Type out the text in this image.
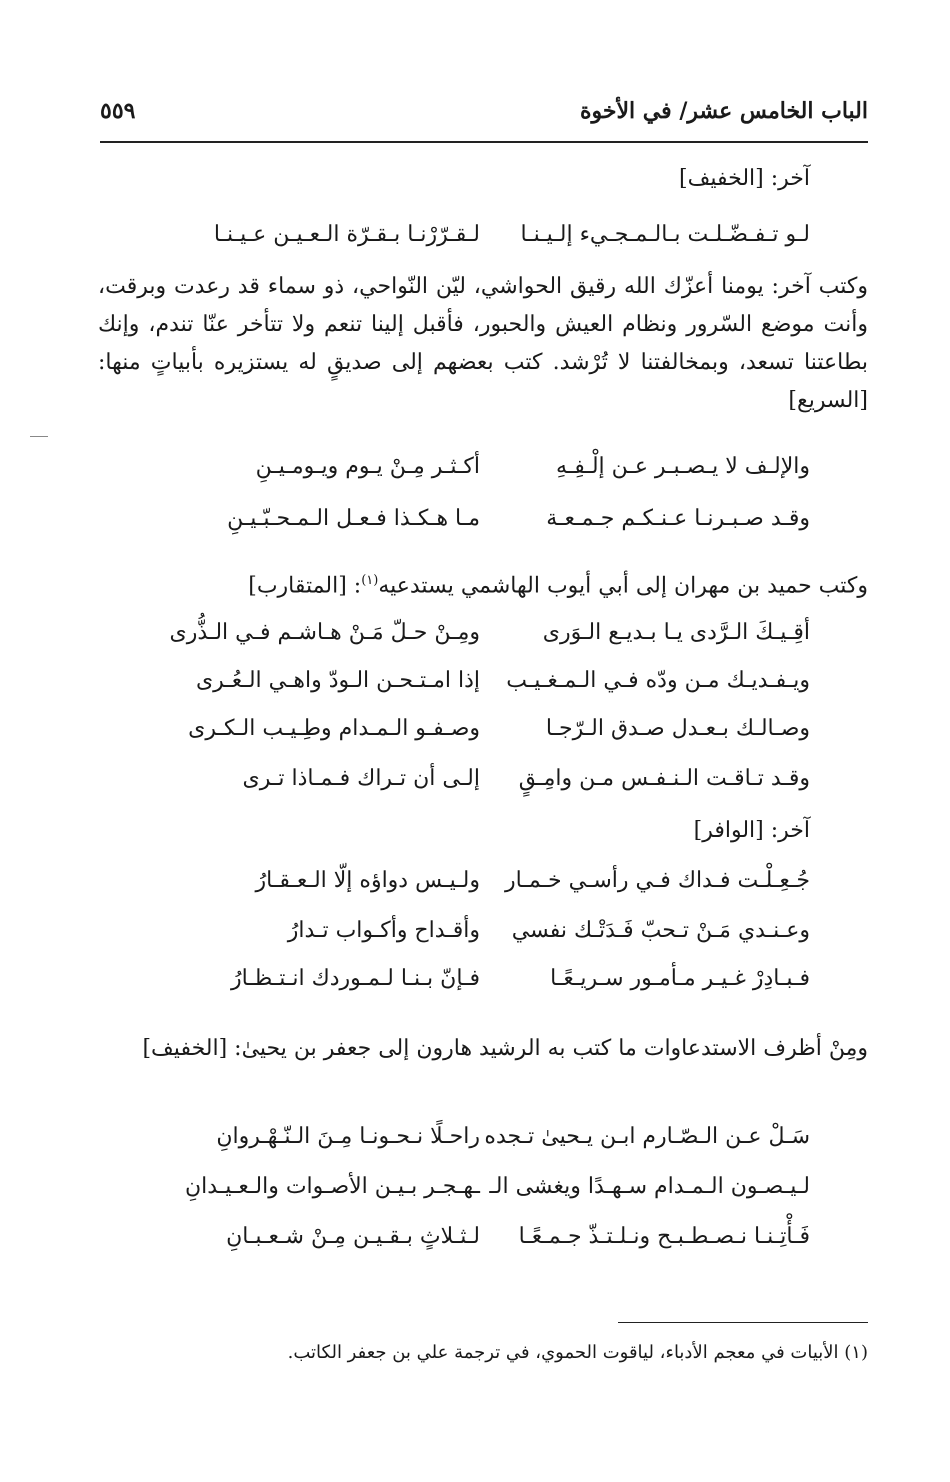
الباب الخامس عشر/ في الأخوة
٥٥٩
آخر: [الخفيف]
لـو تـفـضّـلـت بـالـمـجـيء إلـيـنـا
لـقـرّرْنـا بـقـرّة الـعـيـن عـيـنـا
وكتب آخر: يومنا أعزّك الله رقيق الحواشي، ليّن النّواحي، ذو سماء قد رعدت وبرقت، وأنت موضع السّرور ونظام العيش والحبور، فأقبل إلينا تنعم ولا تتأخر عنّا تندم، وإنك بطاعتنا تسعد، وبمخالفتنا لا تُرْشد. كتب بعضهم إلى صديقٍ له يستزيره بأبياتٍ منها: [السريع]
والإلـف لا يـصـبـر عـن إلْـفِـهِ
أكـثـر مِـنْ يـوم ويـومـيـنِ
وقـد صـبـرنـا عـنـكـم جـمـعـة
مـا هـكـذا فـعـل الـمـحـبّـيـنِ
وكتب حميد بن مهران إلى أبي أيوب الهاشمي يستدعيه$^{(١)}$: [المتقارب]
أقِـيـكَ الـرَّدى يـا بـديـع الـوَرى
ومِـنْ حـلّ مَـنْ هـاشـم فـي الـذُّرى
ويـفـديـك مـن ودّه فـي الـمـغـيـب
إذا امـتـحـن الـودّ واهـي الـعُـرى
وصـالـك بـعـدل صـدق الـرّجـا
وصـفـو الـمـدام وطِـيـب الـكـرى
وقـد تـاقـت الـنـفـس مـن وامِـقٍ
إلـى أن تـراك فـمـاذا تـرى
آخر: [الوافر]
جُـعِـلْـت فـداك فـي رأسـي خـمـار
ولـيـس دواؤه إلّا الـعـقـارُ
وعـنـدي مَـنْ تـحبّ فَـدَتْـك نفسي
وأقـداح وأكـواب تـدارُ
فـبـادِرْ غـيـر مـأمـور سـريـعًـا
فـإنّ بـنـا لـمـوردك انـتـظـارُ
ومِنْ أظرف الاستدعاوات ما كتب به الرشيد هارون إلى جعفر بن يحيىٰ: [الخفيف]
سَـلْ عـن الـصّـارم ابـن يـحيىٰ تـجده
راحـلًا نـحـونـا مِـنَ الـنّـهْـروانِ
لـيـصـون الـمـدام سـهـدًا ويغشى الـ
ـهـجـر بـيـن الأصـوات والـعـيـدانِ
فَـأْتِـنـا نـصـطـبـح ونـلـتـذّ جـمـعًـا
لـثـلاثٍ بـقـيـن مِـنْ شـعـبـانِ
(١) الأبيات في معجم الأدباء، لياقوت الحموي، في ترجمة علي بن جعفر الكاتب.
